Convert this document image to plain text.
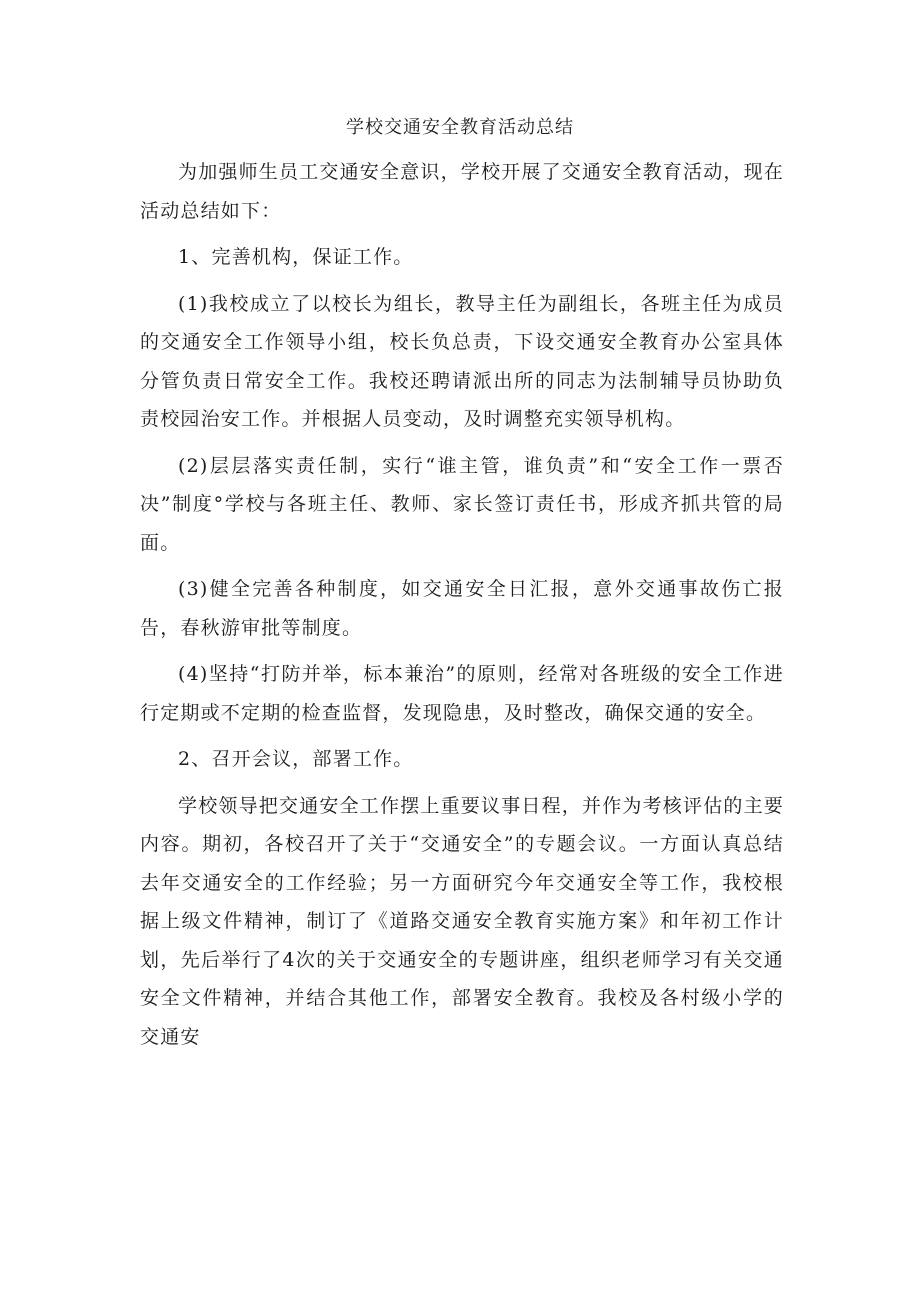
学校交通安全教育活动总结

为加强师生员工交通安全意识，学校开展了交通安全教育活动，现在活动总结如下：

1、完善机构，保证工作。

(1)我校成立了以校长为组长，教导主任为副组长，各班主任为成员的交通安全工作领导小组，校长负总责，下设交通安全教育办公室具体分管负责日常安全工作。我校还聘请派出所的同志为法制辅导员协助负责校园治安工作。并根据人员变动，及时调整充实领导机构。

(2)层层落实责任制，实行“谁主管，谁负责”和“安全工作一票否决”制度°学校与各班主任、教师、家长签订责任书，形成齐抓共管的局面。

(3)健全完善各种制度，如交通安全日汇报，意外交通事故伤亡报告，春秋游审批等制度。

(4)坚持“打防并举，标本兼治”的原则，经常对各班级的安全工作进行定期或不定期的检查监督，发现隐患，及时整改，确保交通的安全。

2、召开会议，部署工作。

学校领导把交通安全工作摆上重要议事日程，并作为考核评估的主要内容。期初，各校召开了关于“交通安全”的专题会议。一方面认真总结去年交通安全的工作经验；另一方面研究今年交通安全等工作，我校根据上级文件精神，制订了《道路交通安全教育实施方案》和年初工作计划，先后举行了4次的关于交通安全的专题讲座，组织老师学习有关交通安全文件精神，并结合其他工作，部署安全教育。我校及各村级小学的交通安
